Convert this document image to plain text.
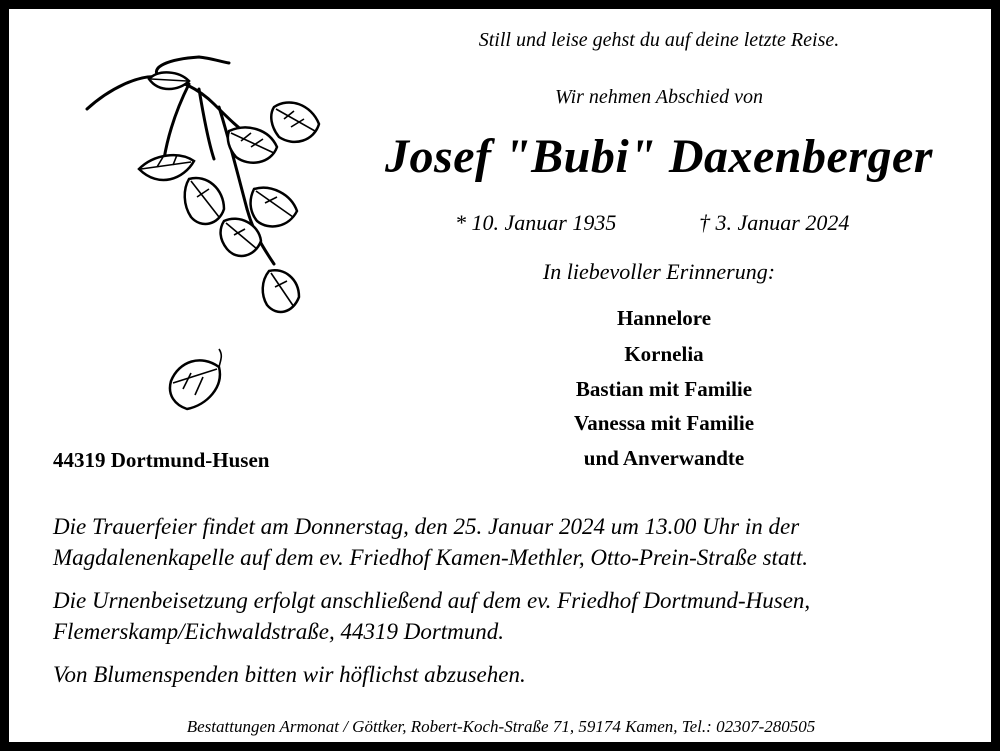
Still und leise gehst du auf deine letzte Reise.
Wir nehmen Abschied von
Josef "Bubi" Daxenberger
* 10. Januar 1935	† 3. Januar 2024
In liebevoller Erinnerung:
Hannelore
Kornelia
Bastian mit Familie
Vanessa mit Familie
und Anverwandte
44319 Dortmund-Husen
Die Trauerfeier findet am Donnerstag, den 25. Januar 2024 um 13.00 Uhr in der
Magdalenenkapelle auf dem ev. Friedhof Kamen-Methler, Otto-Prein-Straße statt.
Die Urnenbeisetzung erfolgt anschließend auf dem ev. Friedhof Dortmund-Husen,
Flemerskamp/Eichwaldstraße, 44319 Dortmund.
Von Blumenspenden bitten wir höflichst abzusehen.
Bestattungen Armonat / Göttker, Robert-Koch-Straße 71, 59174 Kamen, Tel.: 02307-280505
